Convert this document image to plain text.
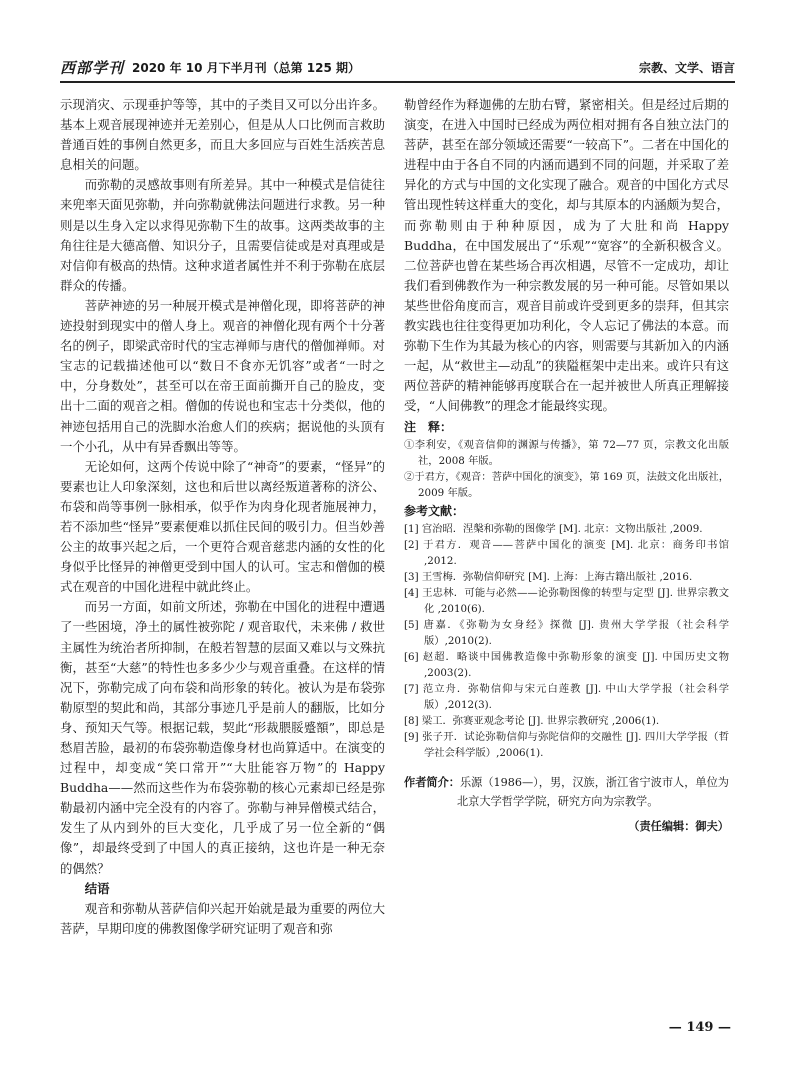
西部学刊 2020 年 10 月下半月刊（总第 125 期）	宗教、文学、语言

示现消灾、示现垂护等等，其中的子类目又可以分出许多。基本上观音展现神迹并无差别心，但是从人口比例而言救助普通百姓的事例自然更多，而且大多回应与百姓生活疾苦息息相关的问题。

而弥勒的灵感故事则有所差异。其中一种模式是信徒往来兜率天面见弥勒，并向弥勒就佛法问题进行求教。另一种则是以生身入定以求得见弥勒下生的故事。这两类故事的主角往往是大德高僧、知识分子，且需要信徒或是对真理或是对信仰有极高的热情。这种求道者属性并不利于弥勒在底层群众的传播。

菩萨神迹的另一种展开模式是神僧化现，即将菩萨的神迹投射到现实中的僧人身上。观音的神僧化现有两个十分著名的例子，即梁武帝时代的宝志禅师与唐代的僧伽禅师。对宝志的记载描述他可以“数日不食亦无饥容”或者“一时之中，分身数处”，甚至可以在帝王面前撕开自己的脸皮，变出十二面的观音之相。僧伽的传说也和宝志十分类似，他的神迹包括用自己的洗脚水治愈人们的疾病；据说他的头顶有一个小孔，从中有异香飘出等等。

无论如何，这两个传说中除了“神奇”的要素，“怪异”的要素也让人印象深刻，这也和后世以离经叛道著称的济公、布袋和尚等事例一脉相承，似乎作为肉身化现者施展神力，若不添加些“怪异”要素便难以抓住民间的吸引力。但当妙善公主的故事兴起之后，一个更符合观音慈悲内涵的女性的化身似乎比怪异的神僧更受到中国人的认可。宝志和僧伽的模式在观音的中国化进程中就此终止。

而另一方面，如前文所述，弥勒在中国化的进程中遭遇了一些困境，净土的属性被弥陀 / 观音取代，未来佛 / 救世主属性为统治者所抑制，在般若智慧的层面又难以与文殊抗衡，甚至“大慈”的特性也多多少少与观音重叠。在这样的情况下，弥勒完成了向布袋和尚形象的转化。被认为是布袋弥勒原型的契此和尚，其部分事迹几乎是前人的翻版，比如分身、预知天气等。根据记载，契此“形裁腲脮蹙額”，即总是愁眉苦脸，最初的布袋弥勒造像身材也尚算适中。在演变的过程中，却变成“笑口常开”“大肚能容万物”的 Happy Buddha——然而这些作为布袋弥勒的核心元素却已经是弥勒最初内涵中完全没有的内容了。弥勒与神异僧模式结合，发生了从内到外的巨大变化，几乎成了另一位全新的“偶像”，却最终受到了中国人的真正接纳，这也许是一种无奈的偶然？

结语

观音和弥勒从菩萨信仰兴起开始就是最为重要的两位大菩萨，早期印度的佛教图像学研究证明了观音和弥

勒曾经作为释迦佛的左肋右臂，紧密相关。但是经过后期的演变，在进入中国时已经成为两位相对拥有各自独立法门的菩萨，甚至在部分领域还需要“一较高下”。二者在中国化的进程中由于各自不同的内涵而遇到不同的问题，并采取了差异化的方式与中国的文化实现了融合。观音的中国化方式尽管出现性转这样重大的变化，却与其原本的内涵颇为契合，而弥勒则由于种种原因，成为了大肚和尚 Happy Buddha，在中国发展出了“乐观”“宽容”的全新积极含义。二位菩萨也曾在某些场合再次相遇，尽管不一定成功，却让我们看到佛教作为一种宗教发展的另一种可能。尽管如果以某些世俗角度而言，观音目前或许受到更多的崇拜，但其宗教实践也往往变得更加功利化，令人忘记了佛法的本意。而弥勒下生作为其最为核心的内容，则需要与其新加入的内涵一起，从“救世主—动乱”的狭隘框架中走出来。或许只有这两位菩萨的精神能够再度联合在一起并被世人所真正理解接受，“人间佛教”的理念才能最终实现。

注　释：

①李利安，《观音信仰的渊源与传播》，第 72—77 页，宗教文化出版社，2008 年版。

②于君方，《观音：菩萨中国化的演变》，第 169 页，法鼓文化出版社，2009 年版。

参考文献：

[1] 宫治昭．涅槃和弥勒的图像学 [M]. 北京：文物出版社 ,2009.

[2] 于君方．观音——菩萨中国化的演变 [M]. 北京：商务印书馆 ,2012.

[3] 王雪梅．弥勒信仰研究 [M]. 上海：上海古籍出版社 ,2016.

[4] 王忠林．可能与必然——论弥勒图像的转型与定型 [J]. 世界宗教文化 ,2010(6).

[5] 唐嘉．《弥勒为女身经》探微 [J]. 贵州大学学报（社会科学版）,2010(2).

[6] 赵超．略谈中国佛教造像中弥勒形象的演变 [J]. 中国历史文物 ,2003(2).

[7] 范立舟．弥勒信仰与宋元白莲教 [J]. 中山大学学报（社会科学版）,2012(3).

[8] 梁工．弥赛亚观念考论 [J]. 世界宗教研究 ,2006(1).

[9] 张子开．试论弥勒信仰与弥陀信仰的交融性 [J]. 四川大学学报（哲学社会科学版）,2006(1).

作者简介：乐源（1986—），男，汉族，浙江省宁波市人，单位为北京大学哲学学院，研究方向为宗教学。
（责任编辑：御夫）
— 149 —
